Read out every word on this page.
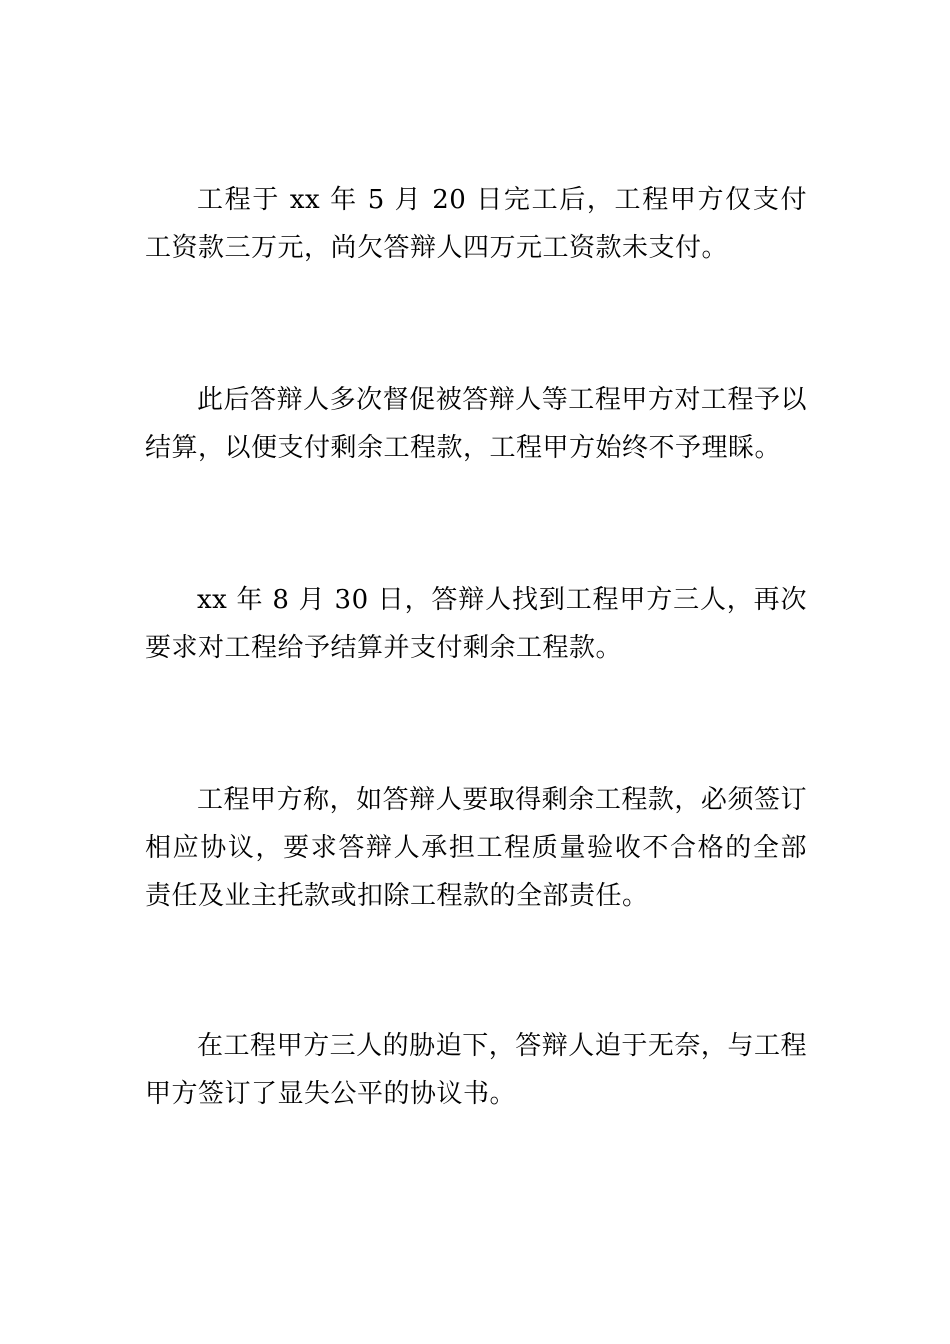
工程于 xx 年 5 月 20 日完工后，工程甲方仅支付工资款三万元，尚欠答辩人四万元工资款未支付。

此后答辩人多次督促被答辩人等工程甲方对工程予以结算，以便支付剩余工程款，工程甲方始终不予理睬。

xx 年 8 月 30 日，答辩人找到工程甲方三人，再次要求对工程给予结算并支付剩余工程款。

工程甲方称，如答辩人要取得剩余工程款，必须签订相应协议，要求答辩人承担工程质量验收不合格的全部责任及业主托款或扣除工程款的全部责任。

在工程甲方三人的胁迫下，答辩人迫于无奈，与工程甲方签订了显失公平的协议书。
